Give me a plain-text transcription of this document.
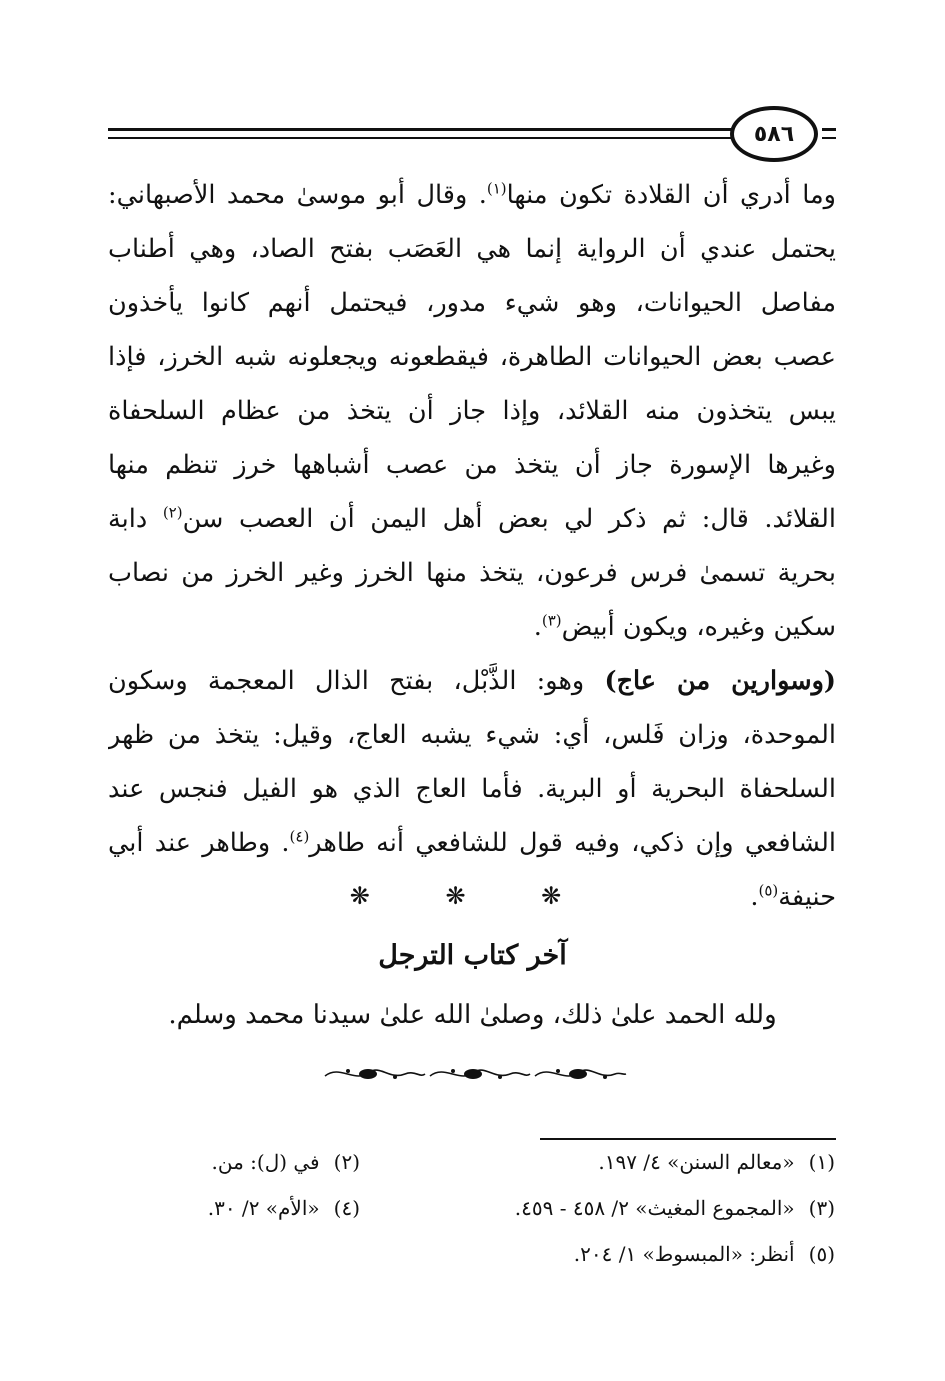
٥٨٦
وما أدري أن القلادة تكون منها$^{(١)}$. وقال أبو موسىٰ محمد الأصبهاني:
يحتمل عندي أن الرواية إنما هي العَصَب بفتح الصاد، وهي أطناب
مفاصل الحيوانات، وهو شيء مدور، فيحتمل أنهم كانوا يأخذون
عصب بعض الحيوانات الطاهرة، فيقطعونه ويجعلونه شبه الخرز، فإذا
يبس يتخذون منه القلائد، وإذا جاز أن يتخذ من عظام السلحفاة
وغيرها الإسورة جاز أن يتخذ من عصب أشباهها خرز تنظم منها
القلائد. قال: ثم ذكر لي بعض أهل اليمن أن العصب سن$^{(٢)}$ دابة
بحرية تسمىٰ فرس فرعون، يتخذ منها الخرز وغير الخرز من نصاب
سكين وغيره، ويكون أبيض$^{(٣)}$.
(وسوارين من عاج) وهو: الذَّبْل، بفتح الذال المعجمة وسكون
الموحدة، وزان فَلس، أي: شيء يشبه العاج، وقيل: يتخذ من ظهر
السلحفاة البحرية أو البرية. فأما العاج الذي هو الفيل فنجس عند
الشافعي وإن ذكي، وفيه قول للشافعي أنه طاهر$^{(٤)}$. وطاهر عند أبي
حنيفة$^{(٥)}$.
❋ ❋ ❋
آخر كتاب الترجل
ولله الحمد علىٰ ذلك، وصلىٰ الله علىٰ سيدنا محمد وسلم.
(١)«معالم السنن» ٤/ ١٩٧.
(٢)في (ل): من.
(٣)«المجموع المغيث» ٢/ ٤٥٨ - ٤٥٩.
(٤)«الأم» ٢/ ٣٠.
(٥)أنظر: «المبسوط» ١/ ٢٠٤.
